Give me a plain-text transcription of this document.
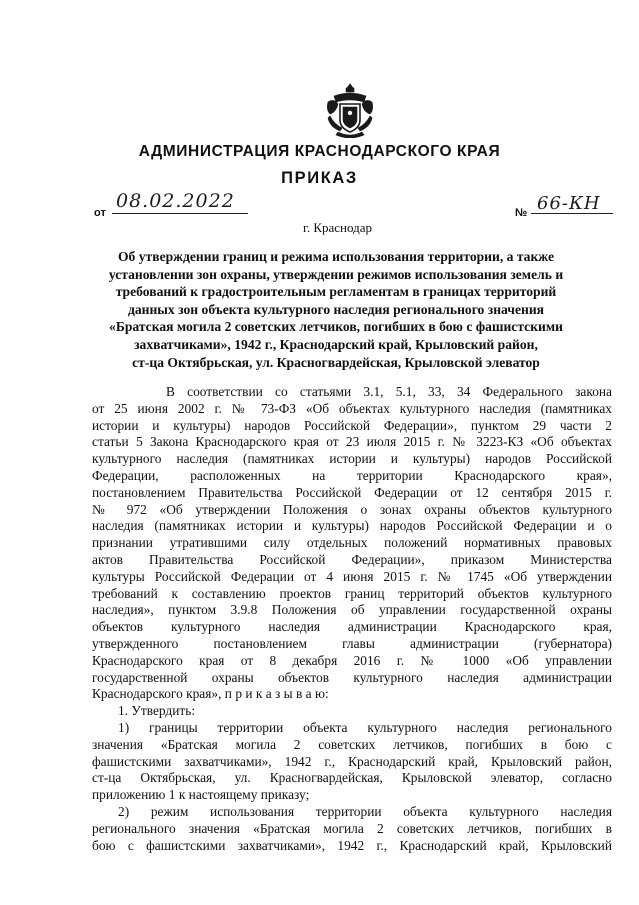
АДМИНИСТРАЦИЯ КРАСНОДАРСКОГО КРАЯ
ПРИКАЗ
от
08.02.2022
г. Краснодар
№ 66-КН
Об утверждении границ и режима использования территории, а также
установлении зон охраны, утверждении режимов использования земель и
требований к градостроительным регламентам в границах территорий
данных зон объекта культурного наследия регионального значения
«Братская могила 2 советских летчиков, погибших в бою с фашистскими
захватчиками», 1942 г., Краснодарский край, Крыловский район,
ст-ца Октябрьская, ул. Красногвардейская, Крыловской элеватор
В соответствии со статьями 3.1, 5.1, 33, 34 Федерального закона
от 25 июня 2002 г. № 73-ФЗ «Об объектах культурного наследия (памятниках
истории и культуры) народов Российской Федерации», пунктом 29 части 2
статьи 5 Закона Краснодарского края от 23 июля 2015 г. № 3223-КЗ «Об объектах
культурного наследия (памятниках истории и культуры) народов Российской
Федерации, расположенных на территории Краснодарского края»,
постановлением Правительства Российской Федерации от 12 сентября 2015 г.
№ 972 «Об утверждении Положения о зонах охраны объектов культурного
наследия (памятниках истории и культуры) народов Российской Федерации и о
признании утратившими силу отдельных положений нормативных правовых
актов Правительства Российской Федерации», приказом Министерства
культуры Российской Федерации от 4 июня 2015 г. № 1745 «Об утверждении
требований к составлению проектов границ территорий объектов культурного
наследия», пунктом 3.9.8 Положения об управлении государственной охраны
объектов культурного наследия администрации Краснодарского края,
утвержденного постановлением главы администрации (губернатора)
Краснодарского края от 8 декабря 2016 г. № 1000 «Об управлении
государственной охраны объектов культурного наследия администрации
Краснодарского края», п р и к а з ы в а ю:
1. Утвердить:
1) границы территории объекта культурного наследия регионального
значения «Братская могила 2 советских летчиков, погибших в бою с
фашистскими захватчиками», 1942 г., Краснодарский край, Крыловский район,
ст-ца Октябрьская, ул. Красногвардейская, Крыловской элеватор, согласно
приложению 1 к настоящему приказу;
2) режим использования территории объекта культурного наследия
регионального значения «Братская могила 2 советских летчиков, погибших в
бою с фашистскими захватчиками», 1942 г., Краснодарский край, Крыловский
